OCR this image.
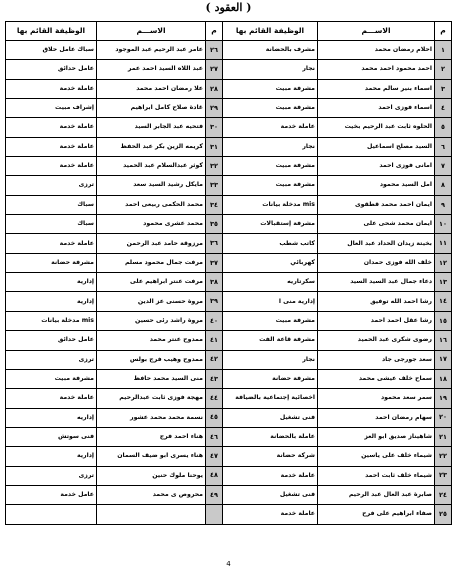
( العقود )
م	الاســـم	الوظيفة القائم بها
١	احلام رمضان محمد	مشرف بالحضانة
٢	احمد محمود احمد محمد	نجار
٣	اسماء بنير سالم محمد	مشرفة مبيت
٤	اسماء فوزى احمد	مشرفة مبيت
٥	الحلوه ثابت عبد الرحيم بخيت	عاملة خدمة
٦	السيد مصلح اسماعيل	نجار
٧	امانى فوزى احمد	مشرفة مبيت
٨	امل السيد محمود	مشرفة مبيت
٩	ايمان احمد محمد قطقوى	mis مدخلة بيانات
١٠	ايمان محمد شحى على	مشرفة إستقبالات
١١	بخيتة زيدان الحداد عبد العال	كاتب شطب
١٢	خلف الله فوزى حمدان	كهربائي
١٣	دعاء جمال عبد السيد السيد	سكرتاريه
١٤	رشا احمد الله توفيق	إدارية منى ا
١٥	رشا عقل احمد احمد	مشرفة مبيت
١٦	رضوى شكرى عبد الحميد	مشرفة قاعة الفت
١٧	سعد جورجى جاد	نجار
١٨	سماح خلف عيشى محمد	مشرفة حضانة
١٩	سمر سعد محمود	اخصائية إجتماعية بالضيافة
٢٠	سهام رمضان احمد	فنى تشغيل
٢١	شاهيناز صديق ابو العز	عاملة بالحضانة
٢٢	شيماء خلف على ياسين	شركة حضانة
٢٣	شيماء خلف ثابت احمد	عاملة خدمة
٢٤	صابرة عبد العال عبد الرحيم	فنى تشغيل
٢٥	صفاء ابراهيم على فرح	عاملة خدمة
م	الاســـم	الوظيفة القائم بها
٢٦	عامر عبد الرحيم عبد الموجود	سباك عامل حلاق
٢٧	عبد اللاه السيد احمد عمر	عامل حدائق
٢٨	علا رمضان احمد محمد	عاملة خدمة
٢٩	غادة صلاح كامل ابراهيم	إشراف مبيت
٣٠	فتحيه عبد الجابر السيد	عاملة خدمة
٣١	كريمه الزين بكر عبد الحفظ	عاملة خدمة
٣٢	كوثر عبدالسلام عبد الحميد	عاملة خدمة
٣٣	مايكل رشيد السيد سعد	ترزى
٣٤	محمد الحكمى ربيعى احمد	سباك
٣٥	محمد عشرى محمود	سباك
٣٦	مرزوقة حامد عبد الرحمن	عاملة خدمة
٣٧	مرفت جمال محمود مسلم	مشرفة حضانة
٣٨	مرفت عنتر ابراهيم على	إدارية
٣٩	مروة حسنى عز الدين	إدارية
٤٠	مروة راشد رئى حسين	mis مدخلة بيانات
٤١	ممدوح عنتر محمد	عامل حدائق
٤٢	ممدوح وهيب فرج بولس	ترزى
٤٣	منى السيد محمد حافظ	مشرفة مبيت
٤٤	مهجة فوزى ثابت عبدالرحيم	عاملة خدمة
٤٥	نسمة محمد محمد عشور	إداريه
٤٦	هناء احمد فرج	فنى سوتش
٤٧	هناء يسرى ابو ضيف السمان	إدارية
٤٨	يوحنا ملوك حنين	ترزى
٤٩	محروص ى محمد	عامل خدمة

4
